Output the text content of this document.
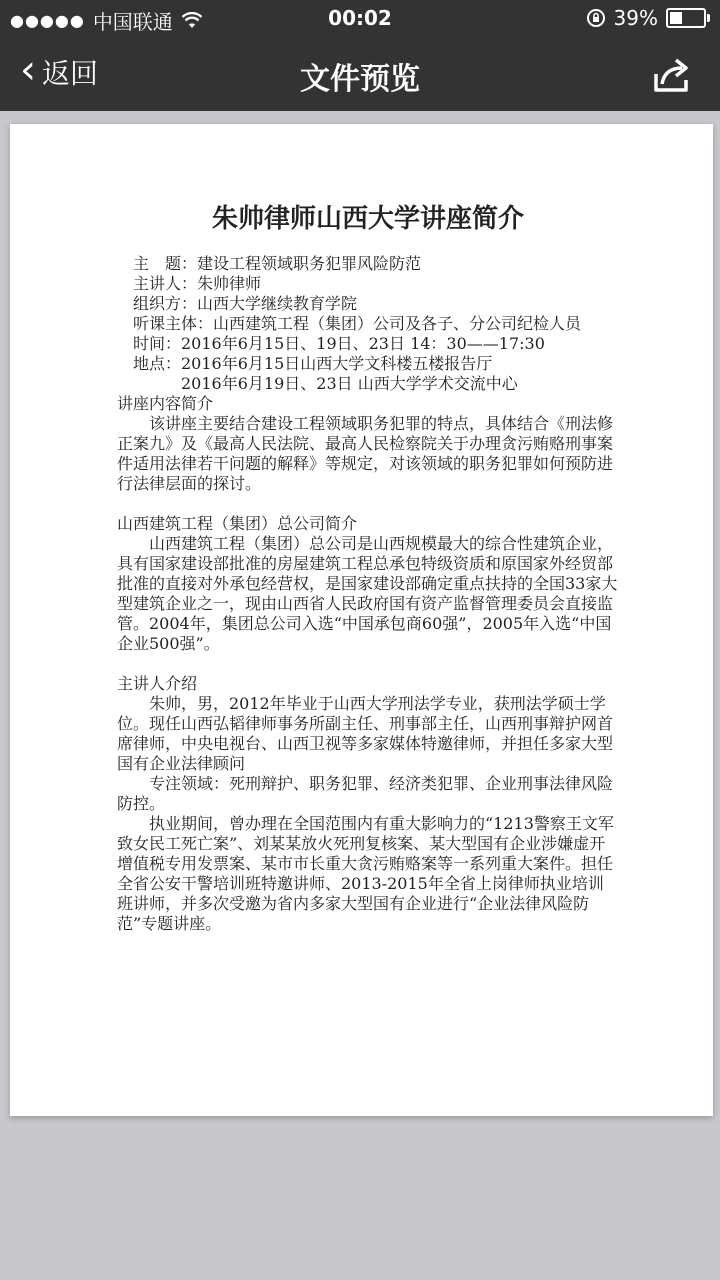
●●●●● 中国联通	00:02	39%
‹ 返回	文件预览
朱帅律师山西大学讲座简介

主　题：建设工程领域职务犯罪风险防范

主讲人：朱帅律师

组织方：山西大学继续教育学院

听课主体：山西建筑工程（集团）公司及各子、分公司纪检人员

时间：2016年6月15日、19日、23日 14：30——17:30

地点：2016年6月15日山西大学文科楼五楼报告厅

2016年6月19日、23日 山西大学学术交流中心

讲座内容简介

该讲座主要结合建设工程领域职务犯罪的特点，具体结合《刑法修正案九》及《最高人民法院、最高人民检察院关于办理贪污贿赂刑事案件适用法律若干问题的解释》等规定，对该领域的职务犯罪如何预防进行法律层面的探讨。

山西建筑工程（集团）总公司简介

山西建筑工程（集团）总公司是山西规模最大的综合性建筑企业，具有国家建设部批准的房屋建筑工程总承包特级资质和原国家外经贸部批准的直接对外承包经营权，是国家建设部确定重点扶持的全国33家大型建筑企业之一，现由山西省人民政府国有资产监督管理委员会直接监管。2004年，集团总公司入选“中国承包商60强”，2005年入选“中国企业500强”。

主讲人介绍

朱帅，男，2012年毕业于山西大学刑法学专业，获刑法学硕士学位。现任山西弘韬律师事务所副主任、刑事部主任，山西刑事辩护网首席律师，中央电视台、山西卫视等多家媒体特邀律师，并担任多家大型国有企业法律顾问

专注领域：死刑辩护、职务犯罪、经济类犯罪、企业刑事法律风险防控。

执业期间，曾办理在全国范围内有重大影响力的“1213警察王文军致女民工死亡案”、刘某某放火死刑复核案、某大型国有企业涉嫌虚开增值税专用发票案、某市市长重大贪污贿赂案等一系列重大案件。担任全省公安干警培训班特邀讲师、2013-2015年全省上岗律师执业培训班讲师，并多次受邀为省内多家大型国有企业进行“企业法律风险防范”专题讲座。
